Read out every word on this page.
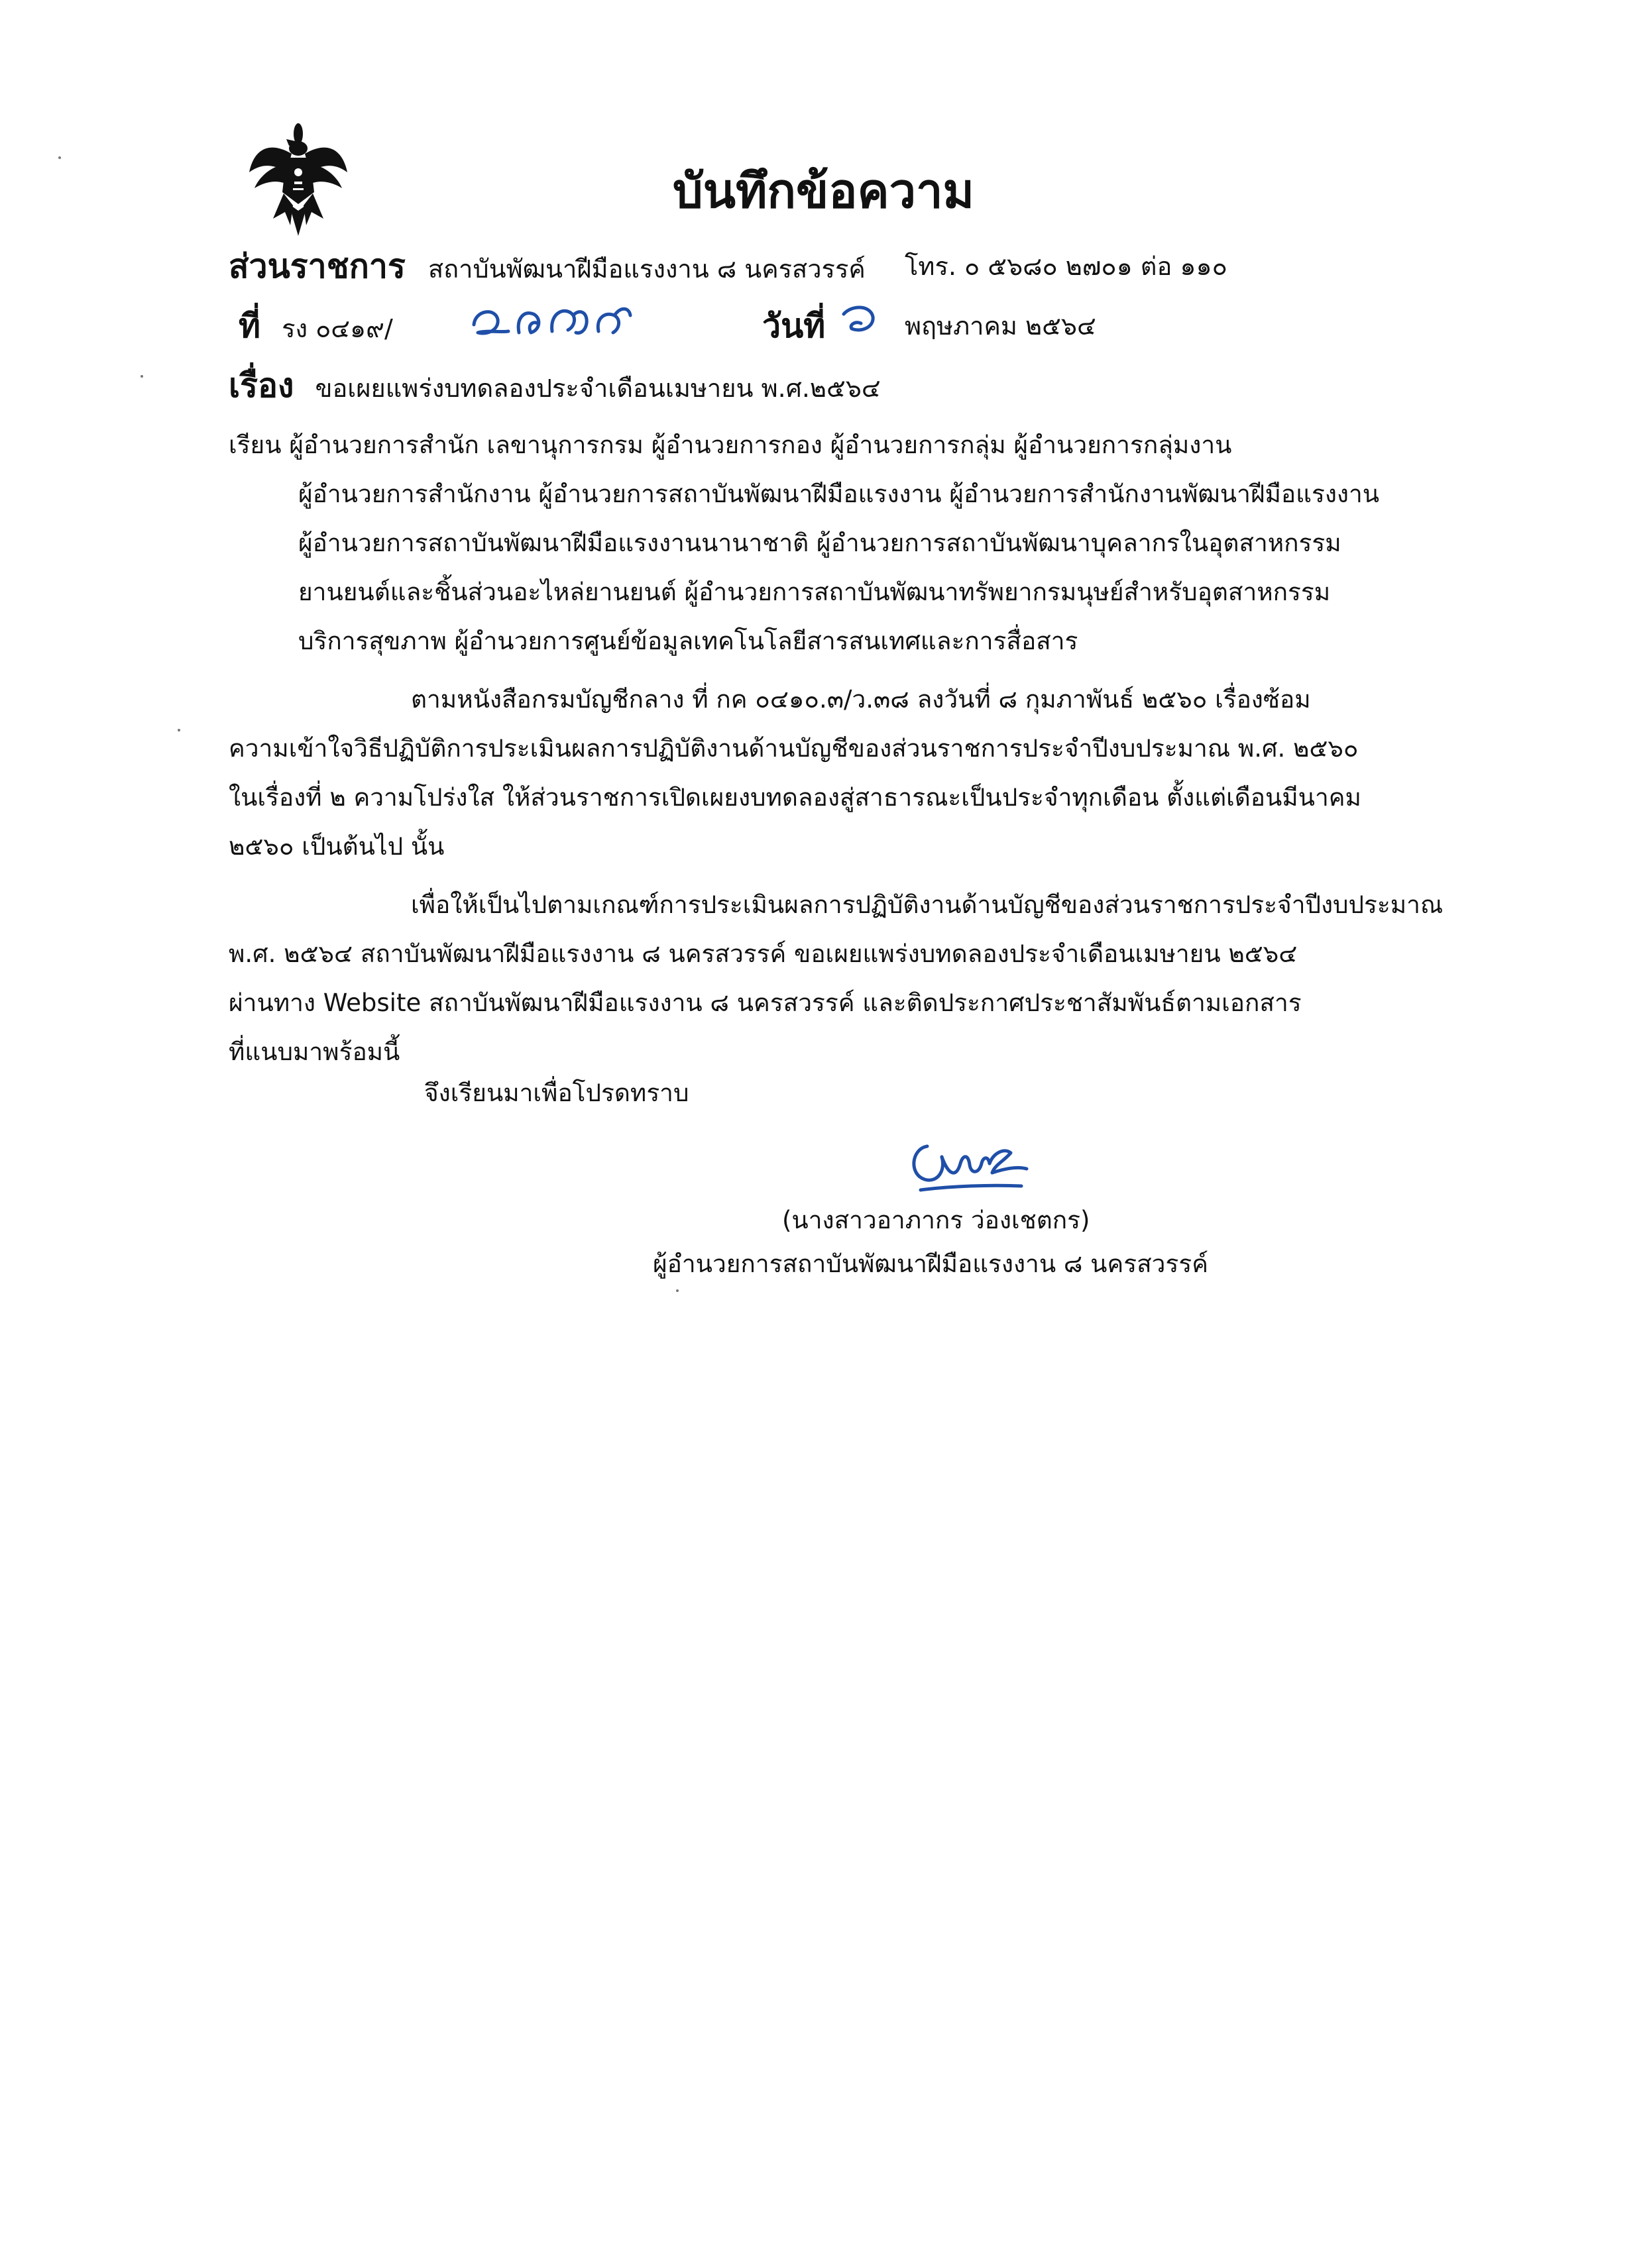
บันทึกข้อความ
ส่วนราชการ สถาบันพัฒนาฝีมือแรงงาน ๘ นครสวรรค์ โทร. ๐ ๕๖๘๐ ๒๗๐๑ ต่อ ๑๑๐
ที่ รง ๐๔๑๙/	วันที่	พฤษภาคม ๒๕๖๔
เรื่อง ขอเผยแพร่งบทดลองประจำเดือนเมษายน พ.ศ.๒๕๖๔
เรียน ผู้อำนวยการสำนัก เลขานุการกรม ผู้อำนวยการกอง ผู้อำนวยการกลุ่ม ผู้อำนวยการกลุ่มงาน
ผู้อำนวยการสำนักงาน ผู้อำนวยการสถาบันพัฒนาฝีมือแรงงาน ผู้อำนวยการสำนักงานพัฒนาฝีมือแรงงาน
ผู้อำนวยการสถาบันพัฒนาฝีมือแรงงานนานาชาติ ผู้อำนวยการสถาบันพัฒนาบุคลากรในอุตสาหกรรม
ยานยนต์และชิ้นส่วนอะไหล่ยานยนต์ ผู้อำนวยการสถาบันพัฒนาทรัพยากรมนุษย์สำหรับอุตสาหกรรม
บริการสุขภาพ ผู้อำนวยการศูนย์ข้อมูลเทคโนโลยีสารสนเทศและการสื่อสาร
ตามหนังสือกรมบัญชีกลาง ที่ กค ๐๔๑๐.๓/ว.๓๘ ลงวันที่ ๘ กุมภาพันธ์ ๒๕๖๐ เรื่องซ้อม
ความเข้าใจวิธีปฏิบัติการประเมินผลการปฏิบัติงานด้านบัญชีของส่วนราชการประจำปีงบประมาณ พ.ศ. ๒๕๖๐
ในเรื่องที่ ๒ ความโปร่งใส ให้ส่วนราชการเปิดเผยงบทดลองสู่สาธารณะเป็นประจำทุกเดือน ตั้งแต่เดือนมีนาคม
๒๕๖๐ เป็นต้นไป นั้น
เพื่อให้เป็นไปตามเกณฑ์การประเมินผลการปฏิบัติงานด้านบัญชีของส่วนราชการประจำปีงบประมาณ
พ.ศ. ๒๕๖๔ สถาบันพัฒนาฝีมือแรงงาน ๘ นครสวรรค์ ขอเผยแพร่งบทดลองประจำเดือนเมษายน ๒๕๖๔
ผ่านทาง Website สถาบันพัฒนาฝีมือแรงงาน ๘ นครสวรรค์ และติดประกาศประชาสัมพันธ์ตามเอกสาร
ที่แนบมาพร้อมนี้
จึงเรียนมาเพื่อโปรดทราบ
(นางสาวอาภากร ว่องเชตกร)
ผู้อำนวยการสถาบันพัฒนาฝีมือแรงงาน ๘ นครสวรรค์
